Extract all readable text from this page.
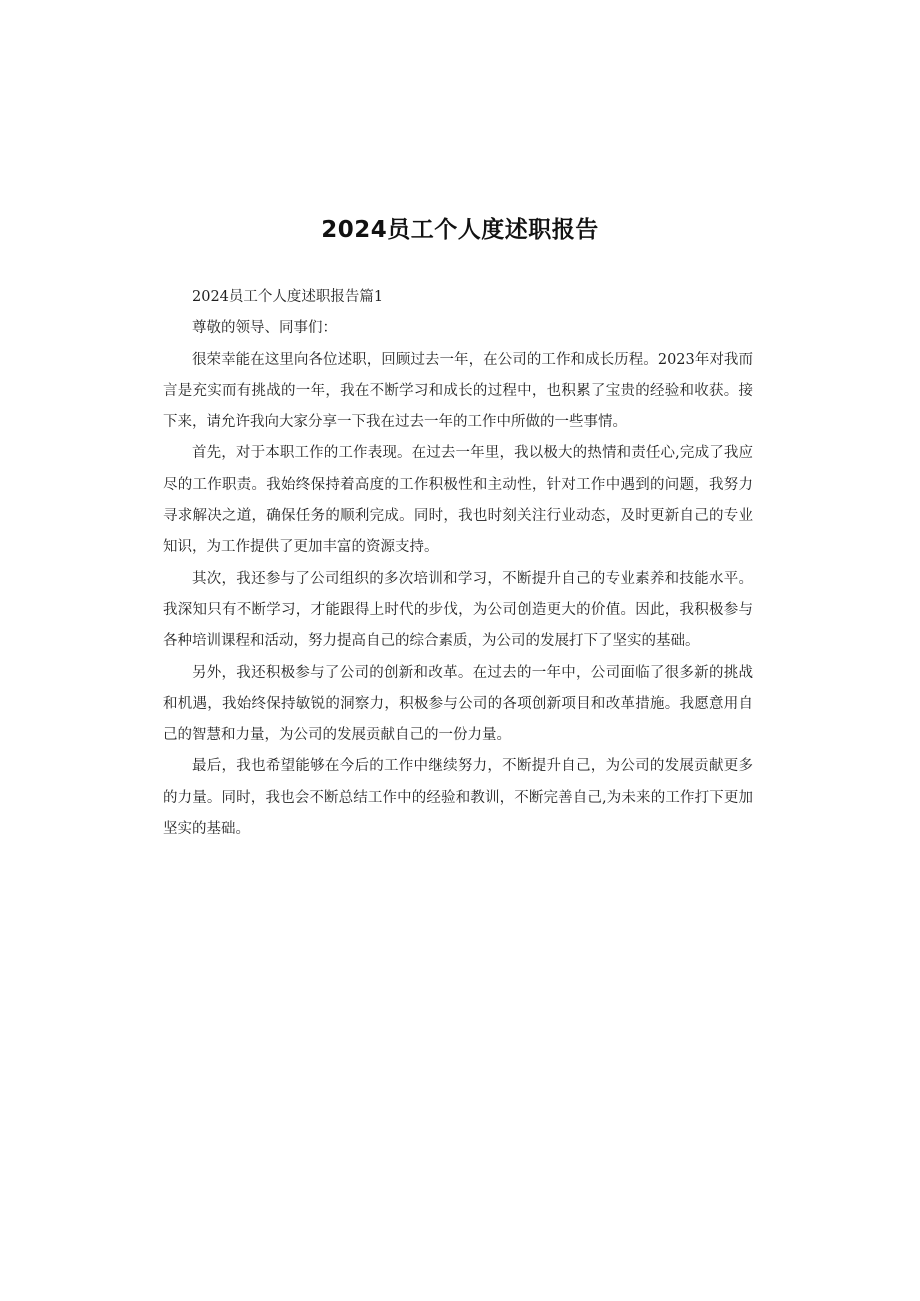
2024员工个人度述职报告

2024员工个人度述职报告篇1

尊敬的领导、同事们：

很荣幸能在这里向各位述职，回顾过去一年，在公司的工作和成长历程。2023年对我而言是充实而有挑战的一年，我在不断学习和成长的过程中，也积累了宝贵的经验和收获。接下来，请允许我向大家分享一下我在过去一年的工作中所做的一些事情。

首先，对于本职工作的工作表现。在过去一年里，我以极大的热情和责任心,完成了我应尽的工作职责。我始终保持着高度的工作积极性和主动性，针对工作中遇到的问题，我努力寻求解决之道，确保任务的顺利完成。同时，我也时刻关注行业动态，及时更新自己的专业知识，为工作提供了更加丰富的资源支持。

其次，我还参与了公司组织的多次培训和学习，不断提升自己的专业素养和技能水平。我深知只有不断学习，才能跟得上时代的步伐，为公司创造更大的价值。因此，我积极参与各种培训课程和活动，努力提高自己的综合素质，为公司的发展打下了坚实的基础。

另外，我还积极参与了公司的创新和改革。在过去的一年中，公司面临了很多新的挑战和机遇，我始终保持敏锐的洞察力，积极参与公司的各项创新项目和改革措施。我愿意用自己的智慧和力量，为公司的发展贡献自己的一份力量。

最后，我也希望能够在今后的工作中继续努力，不断提升自己，为公司的发展贡献更多的力量。同时，我也会不断总结工作中的经验和教训，不断完善自己,为未来的工作打下更加坚实的基础。
